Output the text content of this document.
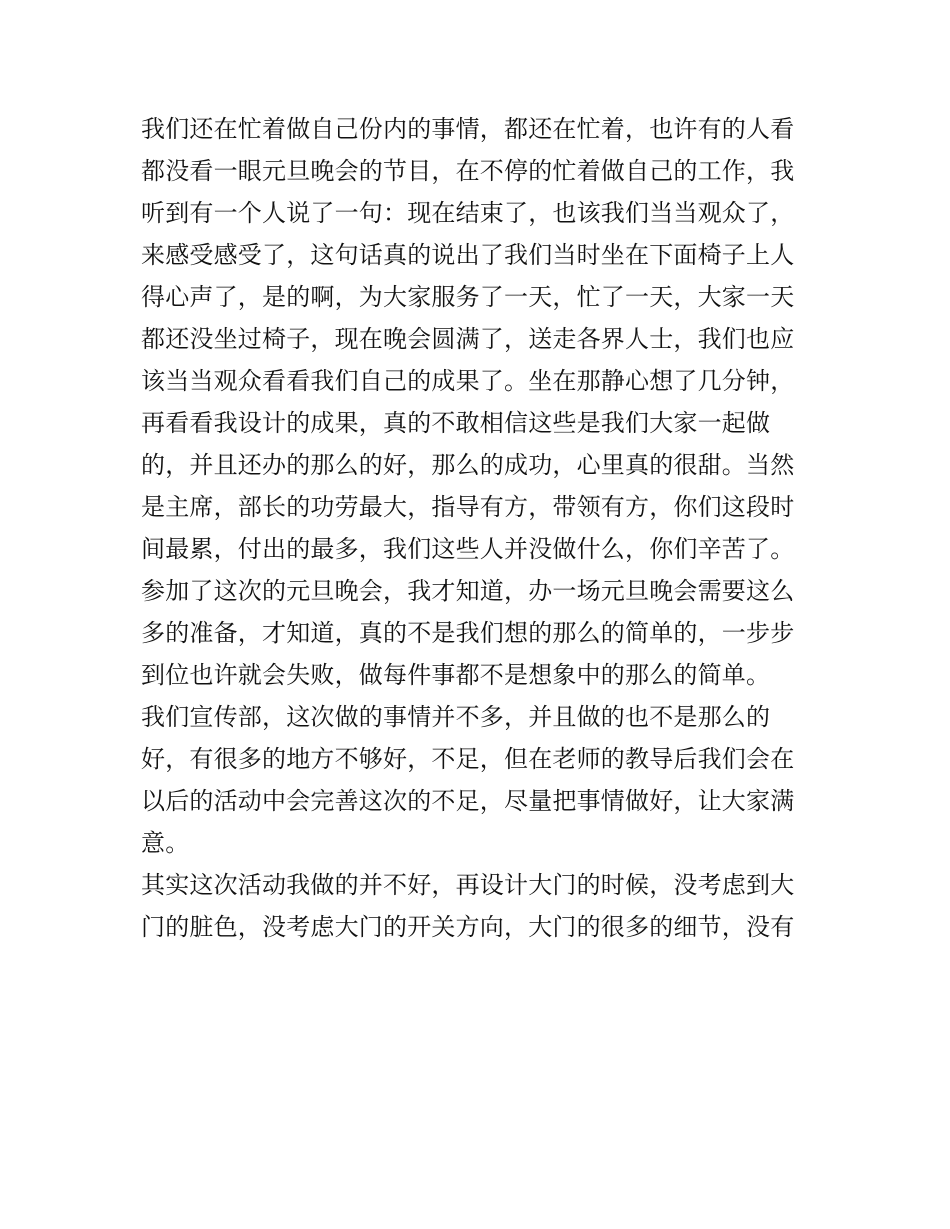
我们还在忙着做自己份内的事情，都还在忙着，也许有的人看
都没看一眼元旦晚会的节目，在不停的忙着做自己的工作，我
听到有一个人说了一句：现在结束了，也该我们当当观众了，
来感受感受了，这句话真的说出了我们当时坐在下面椅子上人
得心声了，是的啊，为大家服务了一天，忙了一天，大家一天
都还没坐过椅子，现在晚会圆满了，送走各界人士，我们也应
该当当观众看看我们自己的成果了。坐在那静心想了几分钟，
再看看我设计的成果，真的不敢相信这些是我们大家一起做
的，并且还办的那么的好，那么的成功，心里真的很甜。当然
是主席，部长的功劳最大，指导有方，带领有方，你们这段时
间最累，付出的最多，我们这些人并没做什么，你们辛苦了。
参加了这次的元旦晚会，我才知道，办一场元旦晚会需要这么
多的准备，才知道，真的不是我们想的那么的简单的，一步步
到位也许就会失败，做每件事都不是想象中的那么的简单。
我们宣传部，这次做的事情并不多，并且做的也不是那么的
好，有很多的地方不够好，不足，但在老师的教导后我们会在
以后的活动中会完善这次的不足，尽量把事情做好，让大家满
意。
其实这次活动我做的并不好，再设计大门的时候，没考虑到大
门的脏色，没考虑大门的开关方向，大门的很多的细节，没有
